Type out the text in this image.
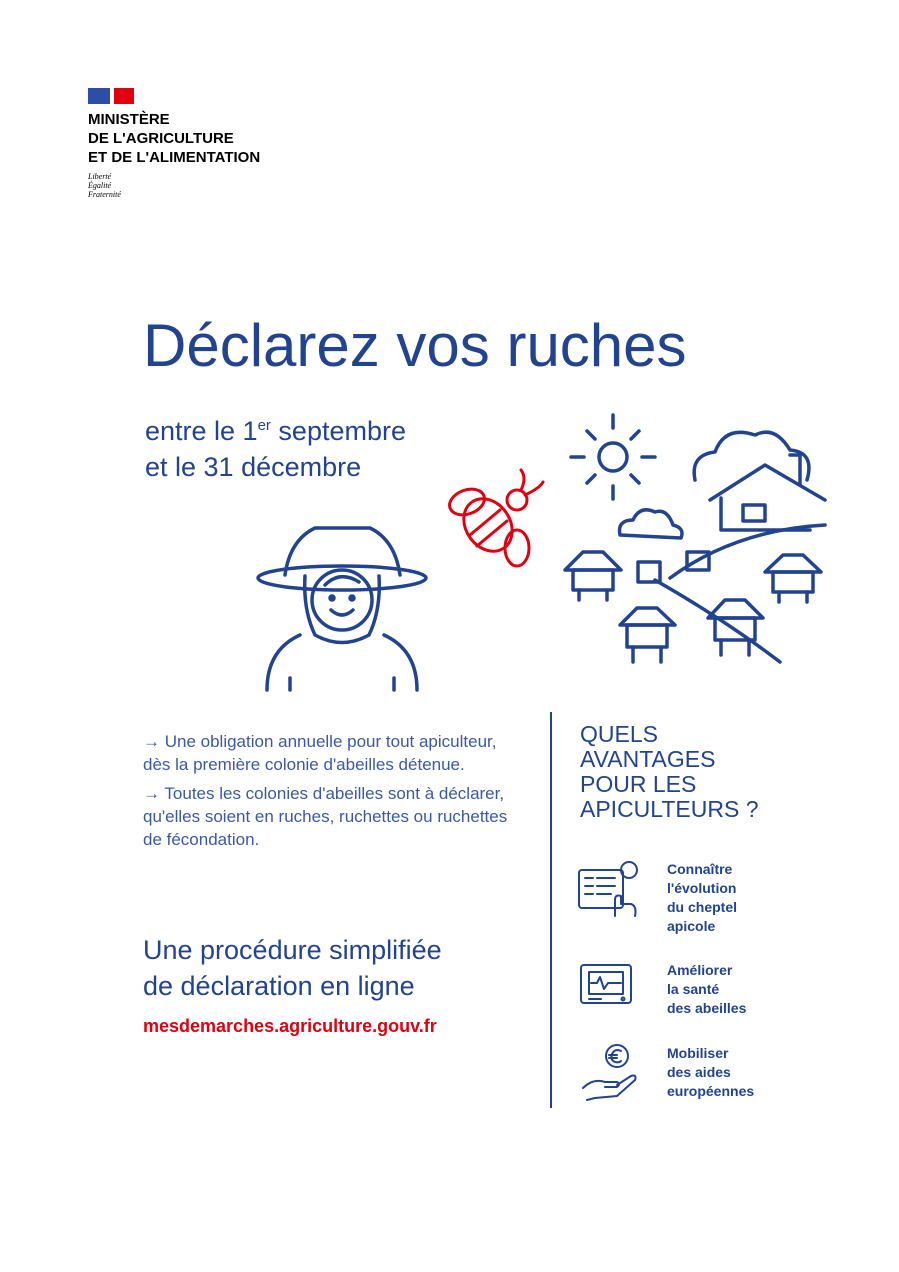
MINISTÈRE
DE L'AGRICULTURE
ET DE L'ALIMENTATION
Liberté
Égalité
Fraternité
Déclarez vos ruches
entre le 1er septembre
et le 31 décembre

→ Une obligation annuelle pour tout apiculteur, dès la première colonie d'abeilles détenue.

→ Toutes les colonies d'abeilles sont à déclarer, qu'elles soient en ruches, ruchettes ou ruchettes de fécondation.

Une procédure simplifiée
de déclaration en ligne
mesdemarches.agriculture.gouv.fr
QUELS
AVANTAGES
POUR LES
APICULTEURS ?
Connaître
l'évolution
du cheptel
apicole
Améliorer
la santé
des abeilles
Mobiliser
des aides
européennes
